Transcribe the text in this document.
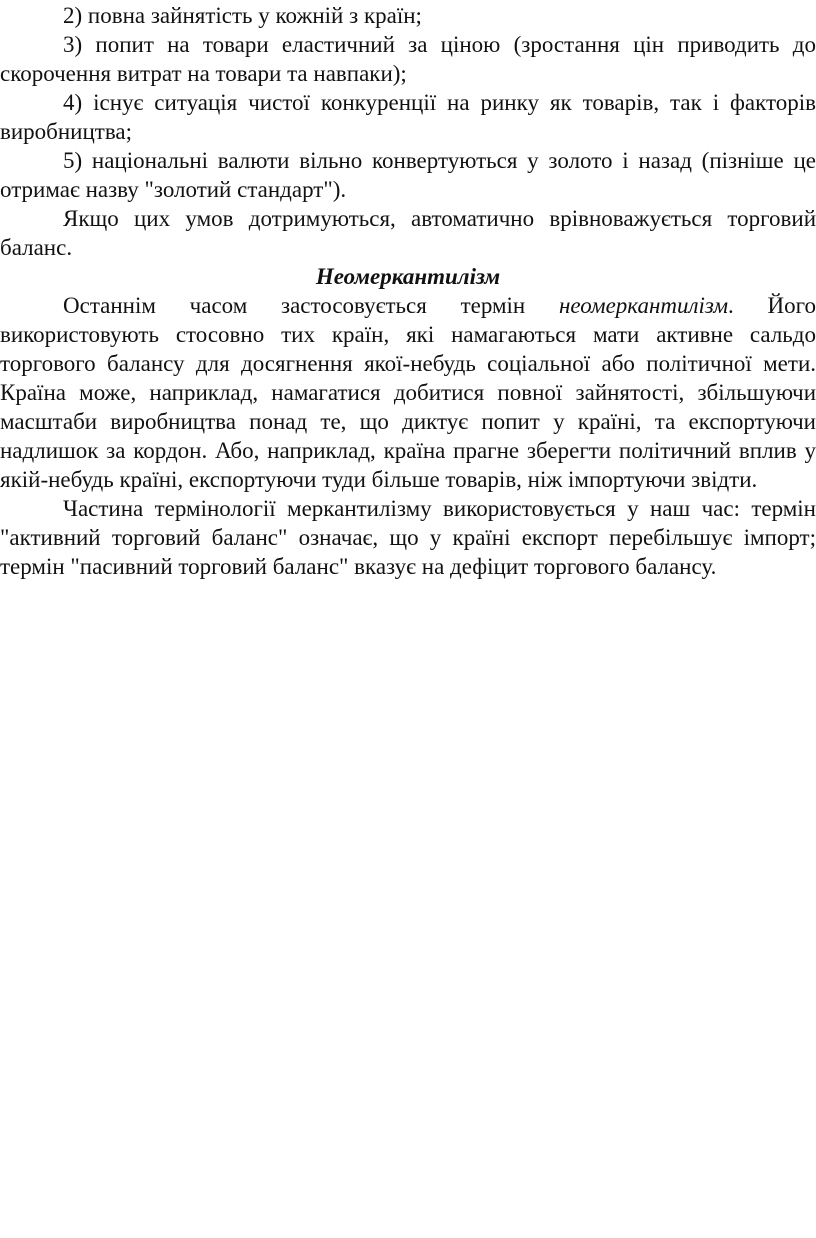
2) повна зайнятість у кожній з країн;

3) попит на товари еластичний за ціною (зростання цін приводить до скорочення витрат на товари та навпаки);

4) існує ситуація чистої конкуренції на ринку як товарів, так і факторів виробництва;

5) національні валюти вільно конвертуються у золото і назад (пізніше це отримає назву "золотий стандарт").

Якщо цих умов дотримуються, автоматично врівноважується торговий баланс.

Неомеркантилізм

Останнім часом застосовується термін неомеркантилізм. Його використовують стосовно тих країн, які намагаються мати активне сальдо торгового балансу для досягнення якої-небудь соціальної або політичної мети. Країна може, наприклад, намагатися добитися повної зайнятості, збільшуючи масштаби виробництва понад те, що диктує попит у країні, та експортуючи надлишок за кордон. Або, наприклад, країна прагне зберегти політичний вплив у якій-небудь країні, експортуючи туди більше товарів, ніж імпортуючи звідти.

Частина термінології меркантилізму використовується у наш час: термін "активний торговий баланс" означає, що у країні експорт перебільшує імпорт; термін "пасивний торговий баланс" вказує на дефіцит торгового балансу.
